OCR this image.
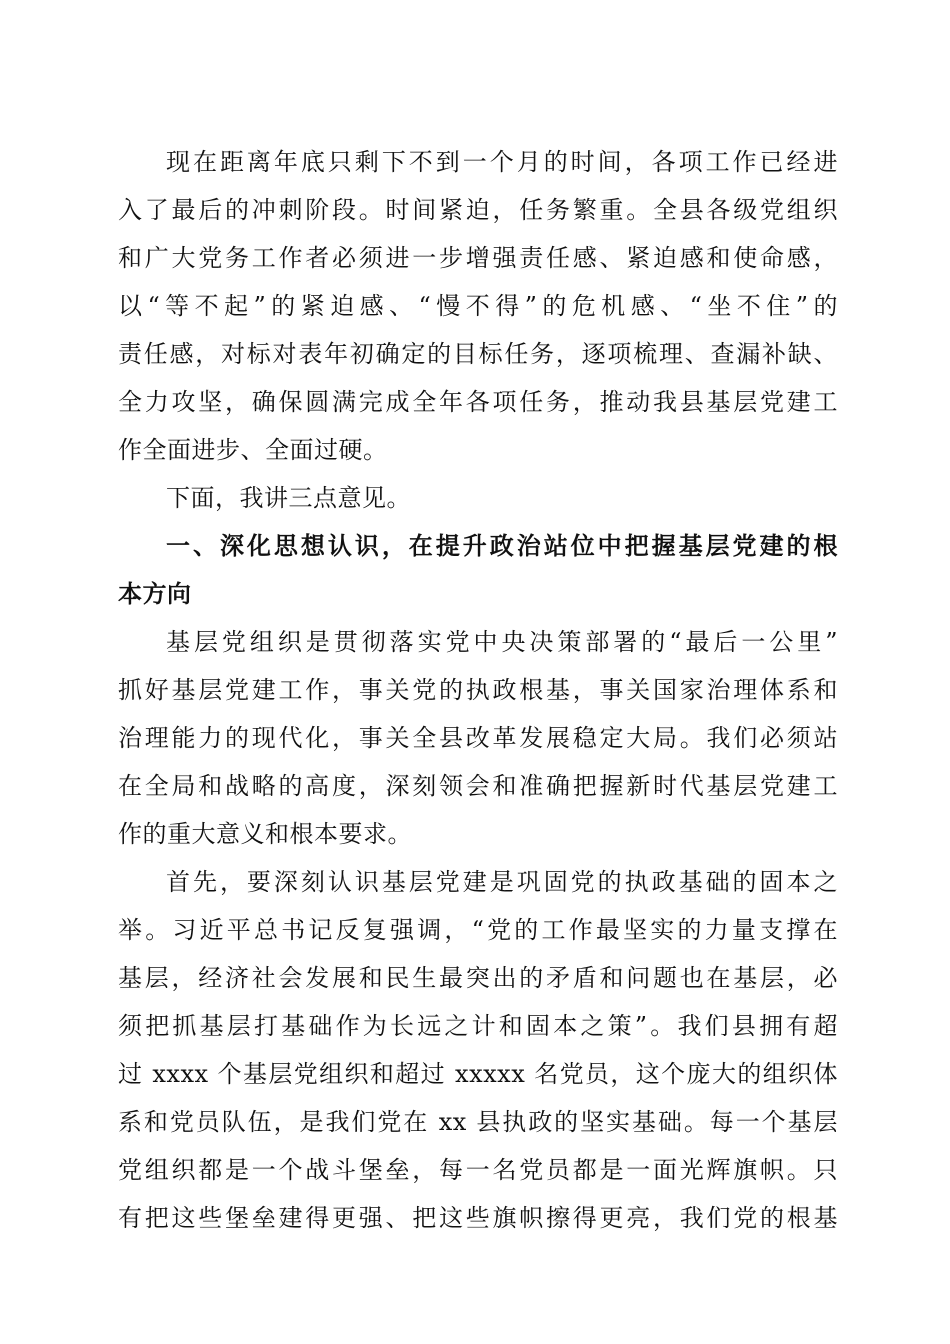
现在距离年底只剩下不到一个月的时间，各项工作已经进
入了最后的冲刺阶段。时间紧迫，任务繁重。全县各级党组织
和广大党务工作者必须进一步增强责任感、紧迫感和使命感，
以“等不起”的紧迫感、“慢不得”的危机感、“坐不住”的
责任感，对标对表年初确定的目标任务，逐项梳理、查漏补缺、
全力攻坚，确保圆满完成全年各项任务，推动我县基层党建工
作全面进步、全面过硬。
下面，我讲三点意见。
一、深化思想认识，在提升政治站位中把握基层党建的根
本方向
基层党组织是贯彻落实党中央决策部署的“最后一公里”
抓好基层党建工作，事关党的执政根基，事关国家治理体系和
治理能力的现代化，事关全县改革发展稳定大局。我们必须站
在全局和战略的高度，深刻领会和准确把握新时代基层党建工
作的重大意义和根本要求。
首先，要深刻认识基层党建是巩固党的执政基础的固本之
举。习近平总书记反复强调，“党的工作最坚实的力量支撑在
基层，经济社会发展和民生最突出的矛盾和问题也在基层，必
须把抓基层打基础作为长远之计和固本之策”。我们县拥有超
过 xxxx 个基层党组织和超过 xxxxx 名党员，这个庞大的组织体
系和党员队伍，是我们党在 xx 县执政的坚实基础。每一个基层
党组织都是一个战斗堡垒，每一名党员都是一面光辉旗帜。只
有把这些堡垒建得更强、把这些旗帜擦得更亮，我们党的根基
